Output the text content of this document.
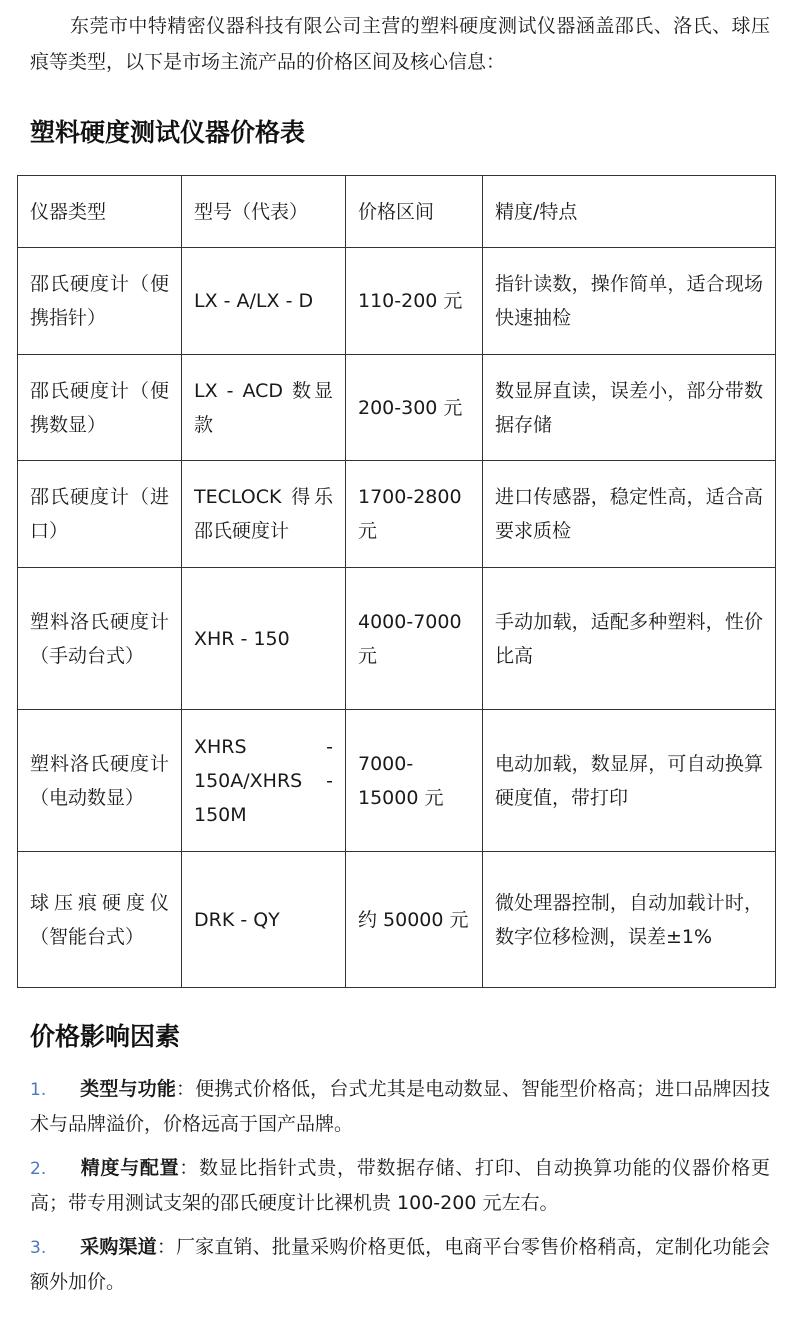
东莞市中特精密仪器科技有限公司主营的塑料硬度测试仪器涵盖邵氏、洛氏、球压痕等类型，以下是市场主流产品的价格区间及核心信息：

塑料硬度测试仪器价格表
仪器类型	型号（代表）	价格区间	精度/特点
邵氏硬度计（便携指针）	LX - A/LX - D	110-200 元	指针读数，操作简单，适合现场快速抽检
邵氏硬度计（便携数显）	LX - ACD 数显款	200-300 元	数显屏直读，误差小，部分带数据存储
邵氏硬度计（进口）	TECLOCK 得乐邵氏硬度计	1700-2800 元	进口传感器，稳定性高，适合高要求质检
塑料洛氏硬度计（手动台式）	XHR - 150	4000-7000 元	手动加载，适配多种塑料，性价比高
塑料洛氏硬度计（电动数显）	XHRS - 150A/XHRS - 150M	7000-15000 元	电动加载，数显屏，可自动换算硬度值，带打印
球压痕硬度仪（智能台式）	DRK - QY	约 50000 元	微处理器控制，自动加载计时，数字位移检测，误差±1%
价格影响因素
1. 类型与功能：便携式价格低，台式尤其是电动数显、智能型价格高；进口品牌因技术与品牌溢价，价格远高于国产品牌。
2. 精度与配置：数显比指针式贵，带数据存储、打印、自动换算功能的仪器价格更高；带专用测试支架的邵氏硬度计比裸机贵 100-200 元左右。
3. 采购渠道：厂家直销、批量采购价格更低，电商平台零售价格稍高，定制化功能会额外加价。
